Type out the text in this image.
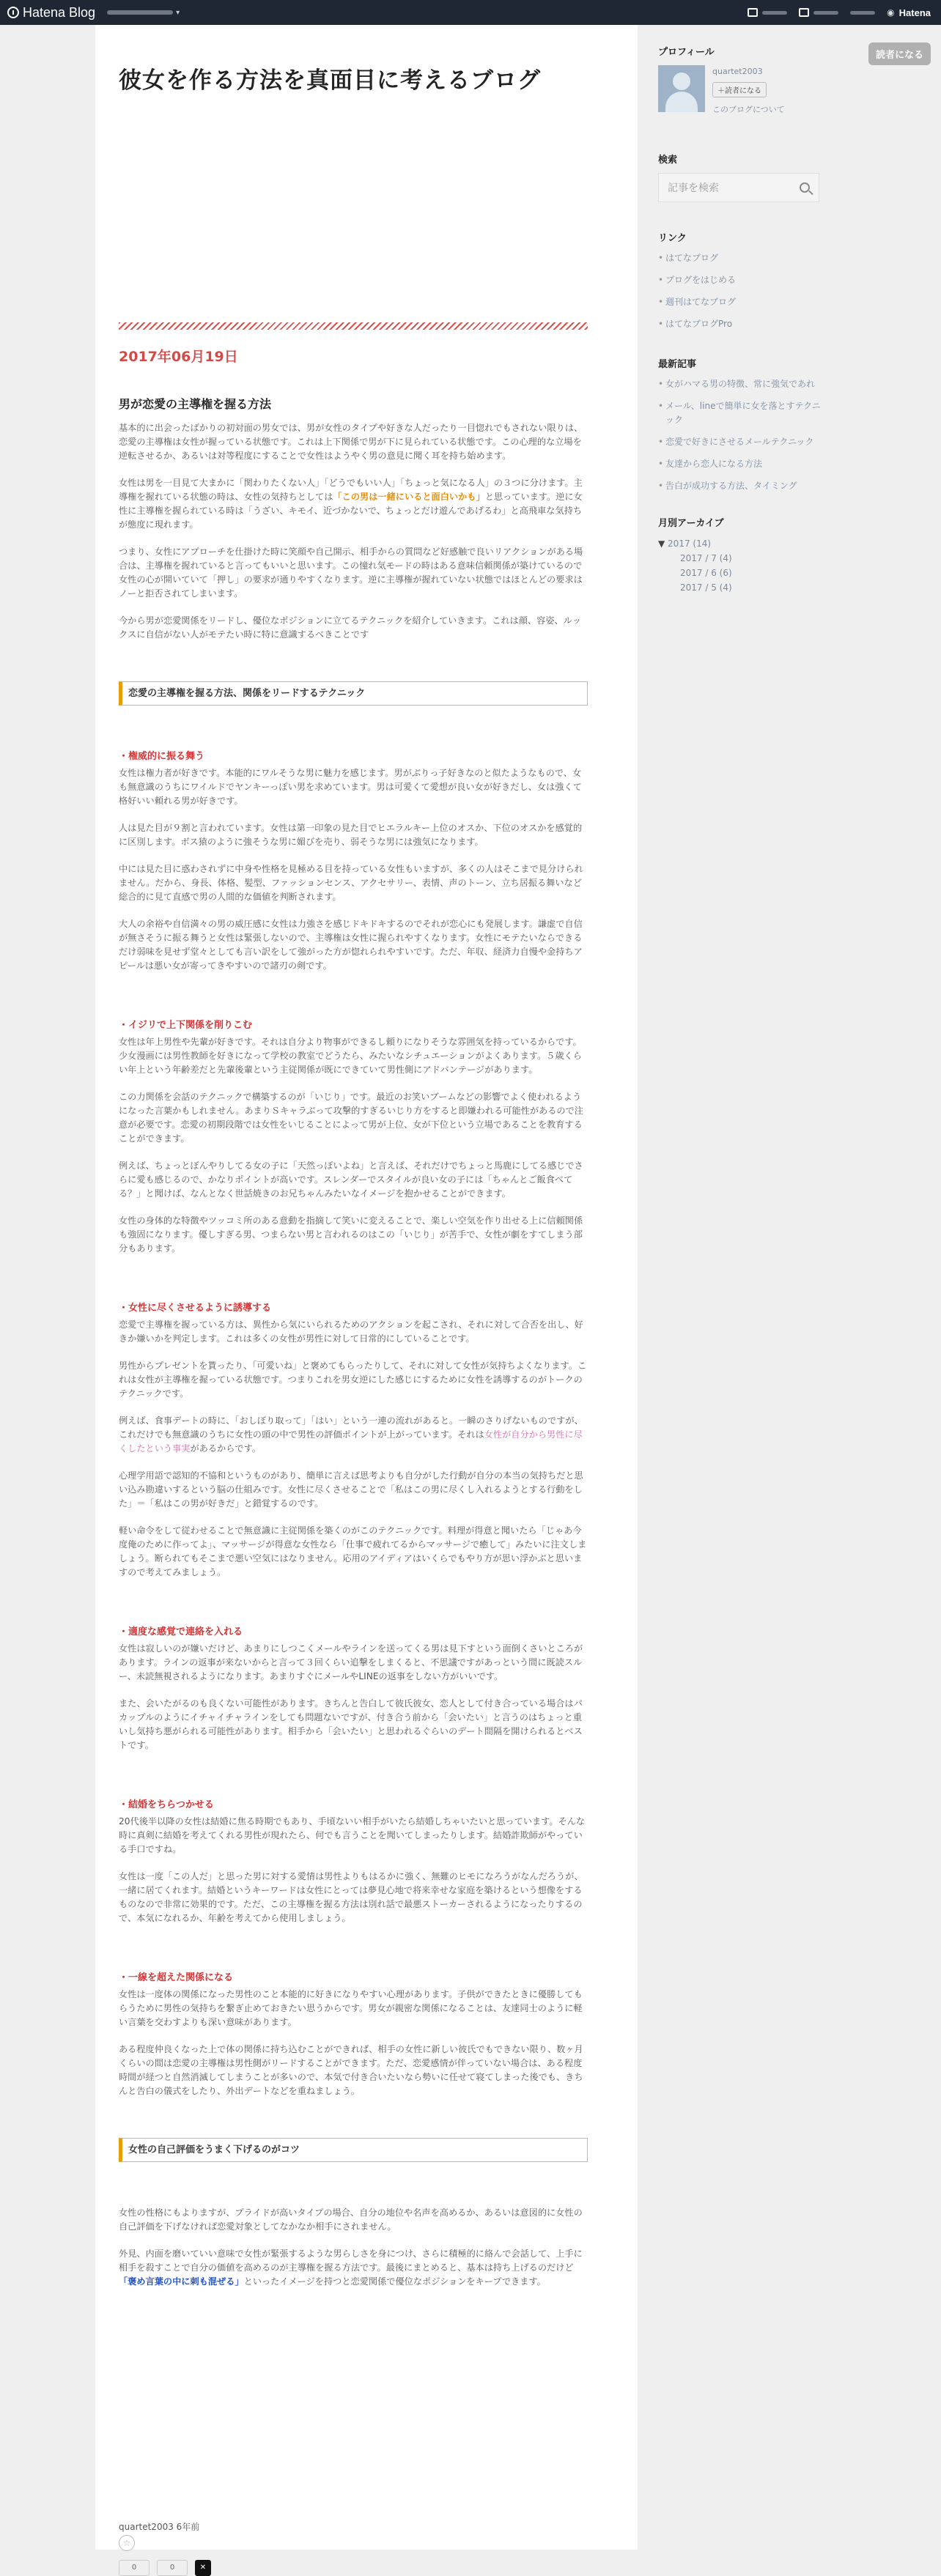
Hatena Blog	▾	◉ Hatena
読者になる
彼女を作る方法を真面目に考えるブログ
2017年06月19日
男が恋愛の主導権を握る方法

基本的に出会ったばかりの初対面の男女では、男が女性のタイプや好きな人だったり一目惚れでもされない限りは、恋愛の主導権は女性が握っている状態です。これは上下関係で男が下に見られている状態です。この心理的な立場を逆転させるか、あるいは対等程度にすることで女性はようやく男の意見に聞く耳を持ち始めます。

女性は男を一目見て大まかに「関わりたくない人」「どうでもいい人」「ちょっと気になる人」の３つに分けます。主導権を握れている状態の時は、女性の気持ちとしては「この男は一緒にいると面白いかも」と思っています。逆に女性に主導権を握られている時は「うざい、キモイ、近づかないで、ちょっとだけ遊んであげるわ」と高飛車な気持ちが態度に現れます。

つまり、女性にアプローチを仕掛けた時に笑顔や自己開示、相手からの質問など好感触で良いリアクションがある場合は、主導権を握れていると言ってもいいと思います。この憧れ気モードの時はある意味信頼関係が築けているので女性の心が開いていて「押し」の要求が通りやすくなります。逆に主導権が握れていない状態ではほとんどの要求はノーと拒否されてしまいます。

今から男が恋愛関係をリードし、優位なポジションに立てるテクニックを紹介していきます。これは顔、容姿、ルックスに自信がない人がモテたい時に特に意識するべきことです

恋愛の主導権を握る方法、関係をリードするテクニック
・権威的に振る舞う

女性は権力者が好きです。本能的にワルそうな男に魅力を感じます。男がぶりっ子好きなのと似たようなもので、女も無意識のうちにワイルドでヤンキーっぽい男を求めています。男は可愛くて愛想が良い女が好きだし、女は強くて格好いい頼れる男が好きです。

人は見た目が９割と言われています。女性は第一印象の見た目でヒエラルキー上位のオスか、下位のオスかを感覚的に区別します。ボス猿のように強そうな男に媚びを売り、弱そうな男には強気になります。

中には見た目に惑わされずに中身や性格を見極める目を持っている女性もいますが、多くの人はそこまで見分けられません。だから、身長、体格、髪型、ファッションセンス、アクセサリー、表情、声のトーン、立ち居振る舞いなど総合的に見て直感で男の人間的な価値を判断されます。

大人の余裕や自信満々の男の威圧感に女性は力強さを感じドキドキするのでそれが恋心にも発展します。謙虚で自信が無さそうに振る舞うと女性は緊張しないので、主導権は女性に握られやすくなります。女性にモテたいならできるだけ弱味を見せず堂々としても言い訳をして強がった方が惚れられやすいです。ただ、年収、経済力自慢や金持ちアピールは悪い女が寄ってきやすいので諸刃の剣です。

・イジリで上下関係を削りこむ

女性は年上男性や先輩が好きです。それは自分より物事ができるし頼りになりそうな雰囲気を持っているからです。少女漫画には男性教師を好きになって学校の教室でどうたら、みたいなシチュエーションがよくあります。５歳くらい年上という年齢差だと先輩後輩という主従関係が既にできていて男性側にアドバンテージがあります。

この力関係を会話のテクニックで構築するのが「いじり」です。最近のお笑いブームなどの影響でよく使われるようになった言葉かもしれません。あまりＳキャラぶって攻撃的すぎるいじり方をすると即嫌われる可能性があるので注意が必要です。恋愛の初期段階では女性をいじることによって男が上位、女が下位という立場であることを教育することができます。

例えば、ちょっとぼんやりしてる女の子に「天然っぽいよね」と言えば、それだけでちょっと馬鹿にしてる感じでさらに愛も感じるので、かなりポイントが高いです。スレンダーでスタイルが良い女の子には「ちゃんとご飯食べてる？」と聞けば、なんとなく世話焼きのお兄ちゃんみたいなイメージを抱かせることができます。

女性の身体的な特徴やツッコミ所のある意動を指摘して笑いに変えることで、楽しい空気を作り出せる上に信頼関係も強固になります。優しすぎる男、つまらない男と言われるのはこの「いじり」が苦手で、女性が劇をすてしまう部分もあります。

・女性に尽くさせるように誘導する

恋愛で主導権を握っている方は、異性から気にいられるためのアクションを起こされ、それに対して合否を出し、好きか嫌いかを判定します。これは多くの女性が男性に対して日常的にしていることです。

男性からプレゼントを貰ったり、「可愛いね」と褒めてもらったりして、それに対して女性が気持ちよくなります。これは女性が主導権を握っている状態です。つまりこれを男女逆にした感じにするために女性を誘導するのがトークのテクニックです。

例えば、食事デートの時に、「おしぼり取って」「はい」という一連の流れがあると。一瞬のさりげないものですが、これだけでも無意識のうちに女性の頭の中で男性の評価ポイントが上がっています。それは女性が自分から男性に尽くしたという事実があるからです。

心理学用語で認知的不協和というものがあり、簡単に言えば思考よりも自分がした行動が自分の本当の気持ちだと思い込み勘違いするという脳の仕組みです。女性に尽くさせることで「私はこの男に尽くし入れるようとする行動をした」＝「私はこの男が好きだ」と錯覚するのです。

軽い命令をして従わせることで無意識に主従関係を築くのがこのテクニックです。料理が得意と聞いたら「じゃあ今度俺のために作ってよ」、マッサージが得意な女性なら「仕事で疲れてるからマッサージで癒して」みたいに注文しましょう。断られてもそこまで悪い空気にはなりません。応用のアイディアはいくらでもやり方が思い浮かぶと思いますので考えてみましょう。

・適度な感覚で連絡を入れる

女性は寂しいのが嫌いだけど、あまりにしつこくメールやラインを送ってくる男は見下すという面倒くさいところがあります。ラインの返事が来ないからと言って３回くらい追撃をしまくると、不思議ですがあっという間に既読スルー、未読無視されるようになります。あまりすぐにメールやLINEの返事をしない方がいいです。

また、会いたがるのも良くない可能性があります。きちんと告白して彼氏彼女、恋人として付き合っている場合はパカップルのようにイチャイチャラインをしても問題ないですが、付き合う前から「会いたい」と言うのはちょっと重いし気持ち悪がられる可能性があります。相手から「会いたい」と思われるぐらいのデート間隔を開けられるとベストです。

・結婚をちらつかせる

20代後半以降の女性は結婚に焦る時期でもあり、手頃ないい相手がいたら結婚しちゃいたいと思っています。そんな時に真剣に結婚を考えてくれる男性が現れたら、何でも言うことを聞いてしまったりします。結婚詐欺師がやっている手口ですね。

女性は一度「この人だ」と思った男に対する愛情は男性よりもはるかに強く、無難のヒモになろうがなんだろうが、一緒に居てくれます。結婚というキーワードは女性にとっては夢見心地で将来幸せな家庭を築けるという想像をするものなので非常に効果的です。ただ、この主導権を握る方法は別れ話で最悪ストーカーされるようになったりするので、本気になれるか、年齢を考えてから使用しましょう。

・一線を超えた関係になる

女性は一度体の関係になった男性のこと本能的に好きになりやすい心理があります。子供ができたときに優勝してもらうために男性の気持ちを繋ぎ止めておきたい思うからです。男女が親密な関係になることは、友達同士のように軽い言葉を交わすよりも深い意味があります。

ある程度仲良くなった上で体の関係に持ち込むことができれば、相手の女性に新しい彼氏でもできない限り、数ヶ月くらいの間は恋愛の主導権は男性側がリードすることができます。ただ、恋愛感情が伴っていない場合は、ある程度時間が経つと自然消滅してしまうことが多いので、本気で付き合いたいなら勢いに任せて寝てしまった後でも、きちんと告白の儀式をしたり、外出デートなどを重ねましょう。

女性の自己評価をうまく下げるのがコツ

女性の性格にもよりますが、プライドが高いタイプの場合、自分の地位や名声を高めるか、あるいは意図的に女性の自己評価を下げなければ恋愛対象としてなかなか相手にされません。

外見、内面を磨いていい意味で女性が緊張するような男らしさを身につけ、さらに積極的に絡んで会話して、上手に相手を殺すことで自分の価値を高めるのが主導権を握る方法です。最後にまとめると、基本は持ち上げるのだけど「褒め言葉の中に刺も混ぜる」といったイメージを持つと恋愛関係で優位なポジションをキープできます。

quartet2003 6年前
☆
0	0	✕
プロフィール
quartet2003
＋読者になる
このブログについて
検索
記事を検索
リンク
• はてなブログ
• ブログをはじめる
• 週刊はてなブログ
• はてなブログPro
最新記事
• 女がハマる男の特徴、常に強気であれ
• メール、lineで簡単に女を落とすテクニック
• 恋愛で好きにさせるメールテクニック
• 友達から恋人になる方法
• 告白が成功する方法、タイミング
月別アーカイブ
▼ 2017 (14)
2017 / 7 (4)
2017 / 6 (6)
2017 / 5 (4)
